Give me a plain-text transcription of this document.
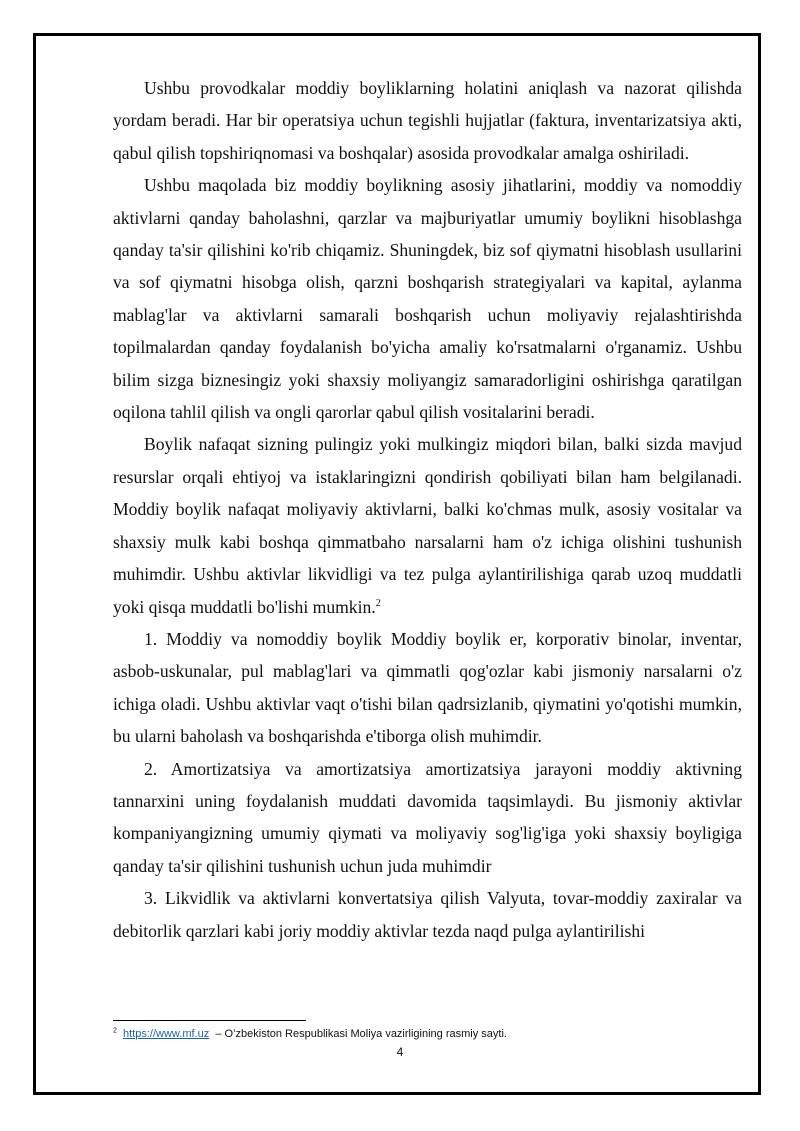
Ushbu provodkalar moddiy boyliklarning holatini aniqlash va nazorat qilishda yordam beradi. Har bir operatsiya uchun tegishli hujjatlar (faktura, inventarizatsiya akti, qabul qilish topshiriqnomasi va boshqalar) asosida provodkalar amalga oshiriladi.

Ushbu maqolada biz moddiy boylikning asosiy jihatlarini, moddiy va nomoddiy aktivlarni qanday baholashni, qarzlar va majburiyatlar umumiy boylikni hisoblashga qanday ta'sir qilishini ko'rib chiqamiz. Shuningdek, biz sof qiymatni hisoblash usullarini va sof qiymatni hisobga olish, qarzni boshqarish strategiyalari va kapital, aylanma mablag'lar va aktivlarni samarali boshqarish uchun moliyaviy rejalashtirishda topilmalardan qanday foydalanish bo'yicha amaliy ko'rsatmalarni o'rganamiz. Ushbu bilim sizga biznesingiz yoki shaxsiy moliyangiz samaradorligini oshirishga qaratilgan oqilona tahlil qilish va ongli qarorlar qabul qilish vositalarini beradi.

Boylik nafaqat sizning pulingiz yoki mulkingiz miqdori bilan, balki sizda mavjud resurslar orqali ehtiyoj va istaklaringizni qondirish qobiliyati bilan ham belgilanadi. Moddiy boylik nafaqat moliyaviy aktivlarni, balki ko'chmas mulk, asosiy vositalar va shaxsiy mulk kabi boshqa qimmatbaho narsalarni ham o'z ichiga olishini tushunish muhimdir. Ushbu aktivlar likvidligi va tez pulga aylantirilishiga qarab uzoq muddatli yoki qisqa muddatli bo'lishi mumkin.$^2$

1. Moddiy va nomoddiy boylik Moddiy boylik er, korporativ binolar, inventar, asbob-uskunalar, pul mablag'lari va qimmatli qog'ozlar kabi jismoniy narsalarni o'z ichiga oladi. Ushbu aktivlar vaqt o'tishi bilan qadrsizlanib, qiymatini yo'qotishi mumkin, bu ularni baholash va boshqarishda e'tiborga olish muhimdir.

2. Amortizatsiya va amortizatsiya amortizatsiya jarayoni moddiy aktivning tannarxini uning foydalanish muddati davomida taqsimlaydi. Bu jismoniy aktivlar kompaniyangizning umumiy qiymati va moliyaviy sog'lig'iga yoki shaxsiy boyligiga qanday ta'sir qilishini tushunish uchun juda muhimdir

3. Likvidlik va aktivlarni konvertatsiya qilish Valyuta, tovar-moddiy zaxiralar va debitorlik qarzlari kabi joriy moddiy aktivlar tezda naqd pulga aylantirilishi

$^2$ https://www.mf.uz  – O’zbekiston Respublikasi Moliya vazirligining rasmiy sayti.
4
